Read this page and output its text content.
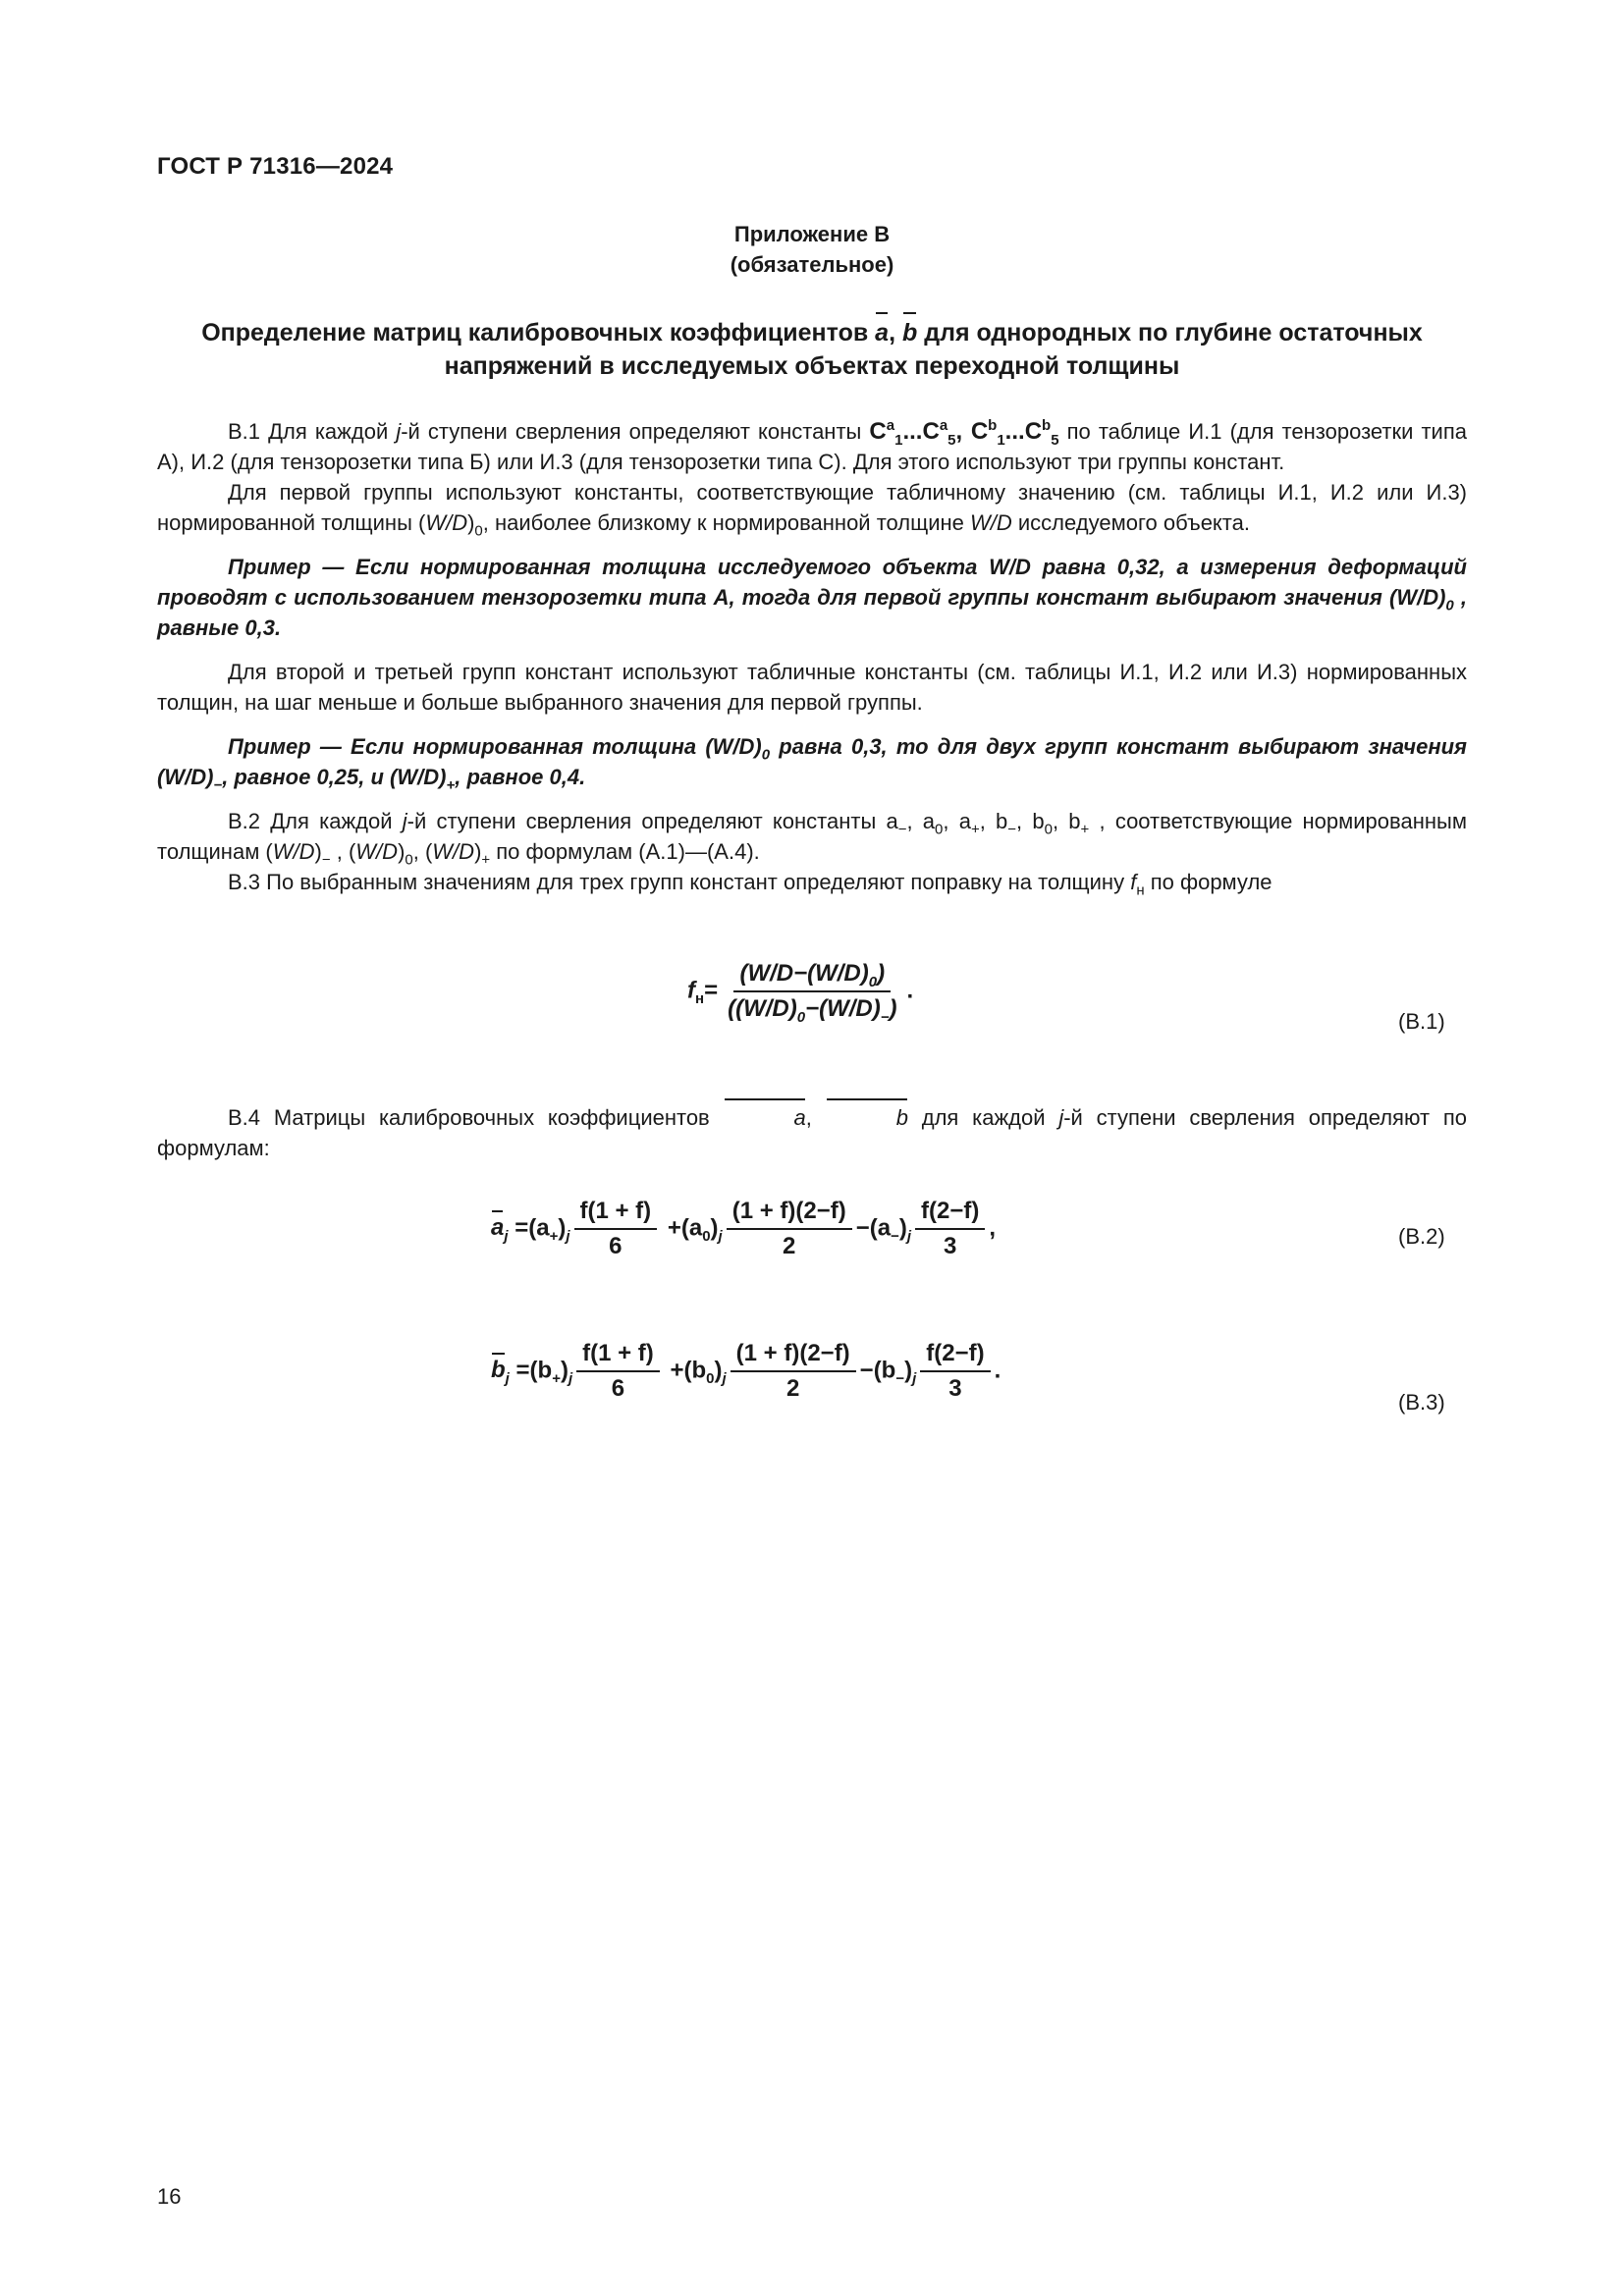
ГОСТ Р 71316—2024
Приложение В
(обязательное)
Определение матриц калибровочных коэффициентов a, b для однородных по глубине остаточных напряжений в исследуемых объектах переходной толщины

В.1 Для каждой j-й ступени сверления определяют константы $C^a_1...C^a_5$, $C^b_1...C^b_5$ по таблице И.1 (для тензорозетки типа А), И.2 (для тензорозетки типа Б) или И.3 (для тензорозетки типа С). Для этого используют три группы констант.

Для первой группы используют константы, соответствующие табличному значению (см. таблицы И.1, И.2 или И.3) нормированной толщины $(W/D)_0$, наиболее близкому к нормированной толщине W/D исследуемого объекта.

Пример — Если нормированная толщина исследуемого объекта W/D равна 0,32, а измерения деформаций проводят с использованием тензорозетки типа А, тогда для первой группы констант выбирают значения $(W/D)_0$ , равные 0,3.

Для второй и третьей групп констант используют табличные константы (см. таблицы И.1, И.2 или И.3) нормированных толщин, на шаг меньше и больше выбранного значения для первой группы.

Пример — Если нормированная толщина $(W/D)_0$ равна 0,3, то для двух групп констант выбирают значения $(W/D)_-$, равное 0,25, и $(W/D)_+$, равное 0,4.

В.2 Для каждой j-й ступени сверления определяют константы $a_-$, $a_0$, $a_+$, $b_-$, $b_0$, $b_+$ , соответствующие нормированным толщинам $(W/D)_-$ , $(W/D)_0$, $(W/D)_+$ по формулам (А.1)—(А.4).

В.3 По выбранным значениям для трех групп констант определяют поправку на толщину $f_н$ по формуле

$f_н= \frac{(W/D-(W/D)_0)}{((W/D)_0-(W/D)_-)}$ .
(В.1)

В.4 Матрицы калибровочных коэффициентов	a,	b для каждой j-й ступени сверления определяют по формулам:

$a_j =(a_+)_j \frac{f(1 + f)}{6} +(a_0)_j \frac{(1 + f)(2-f)}{2} -(a_-)_j \frac{f(2-f)}{3}$ ,	(В.2)
$b_j =(b_+)_j \frac{f(1 + f)}{6} +(b_0)_j \frac{(1 + f)(2-f)}{2} -(b_-)_j \frac{f(2-f)}{3}$ .
(В.3)
16
